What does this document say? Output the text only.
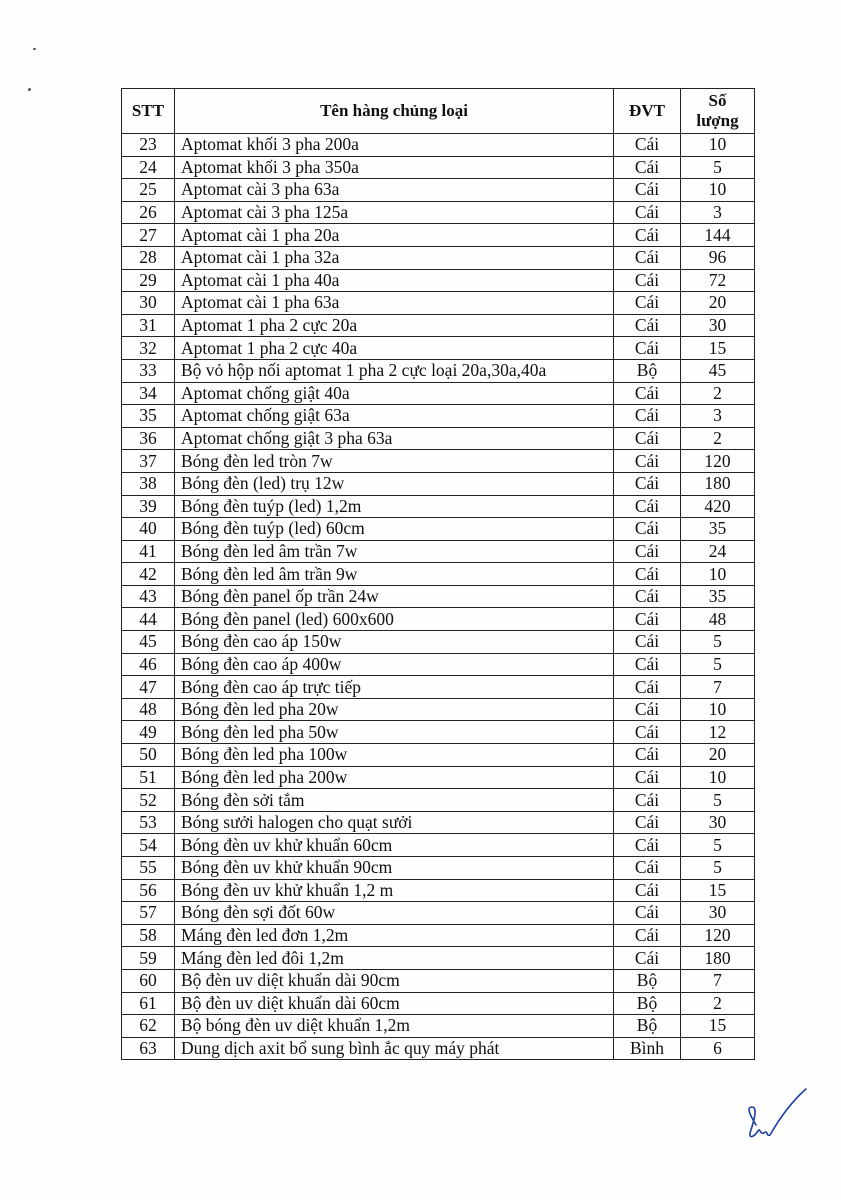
STT	Tên hàng chủng loại	ĐVT	Số
lượng

23	Aptomat khối 3 pha 200a	Cái	10
24	Aptomat khối 3 pha 350a	Cái	5
25	Aptomat cài 3 pha 63a	Cái	10
26	Aptomat cài 3 pha 125a	Cái	3
27	Aptomat cài 1 pha 20a	Cái	144
28	Aptomat cài 1 pha 32a	Cái	96
29	Aptomat cài 1 pha 40a	Cái	72
30	Aptomat cài 1 pha 63a	Cái	20
31	Aptomat 1 pha 2 cực 20a	Cái	30
32	Aptomat 1 pha 2 cực 40a	Cái	15
33	Bộ vỏ hộp nối aptomat 1 pha 2 cực loại 20a,30a,40a	Bộ	45
34	Aptomat chống giật 40a	Cái	2
35	Aptomat chống giật 63a	Cái	3
36	Aptomat chống giật 3 pha 63a	Cái	2
37	Bóng đèn led tròn 7w	Cái	120
38	Bóng đèn (led) trụ 12w	Cái	180
39	Bóng đèn tuýp (led) 1,2m	Cái	420
40	Bóng đèn tuýp (led) 60cm	Cái	35
41	Bóng đèn led âm trần 7w	Cái	24
42	Bóng đèn led âm trần 9w	Cái	10
43	Bóng đèn panel ốp trần 24w	Cái	35
44	Bóng đèn panel (led) 600x600	Cái	48
45	Bóng đèn cao áp 150w	Cái	5
46	Bóng đèn cao áp 400w	Cái	5
47	Bóng đèn cao áp trực tiếp	Cái	7
48	Bóng đèn led pha 20w	Cái	10
49	Bóng đèn led pha 50w	Cái	12
50	Bóng đèn led pha 100w	Cái	20
51	Bóng đèn led pha 200w	Cái	10
52	Bóng đèn sởi tắm	Cái	5
53	Bóng sưởi halogen cho quạt sưởi	Cái	30
54	Bóng đèn uv khử khuẩn 60cm	Cái	5
55	Bóng đèn uv khử khuẩn 90cm	Cái	5
56	Bóng đèn uv khử khuẩn 1,2 m	Cái	15
57	Bóng đèn sợi đốt 60w	Cái	30
58	Máng đèn led đơn 1,2m	Cái	120
59	Máng đèn led đôi 1,2m	Cái	180
60	Bộ đèn uv diệt khuẩn dài 90cm	Bộ	7
61	Bộ đèn uv diệt khuẩn dài 60cm	Bộ	2
62	Bộ bóng đèn uv diệt khuẩn 1,2m	Bộ	15
63	Dung dịch axit bổ sung bình ắc quy máy phát	Bình	6
